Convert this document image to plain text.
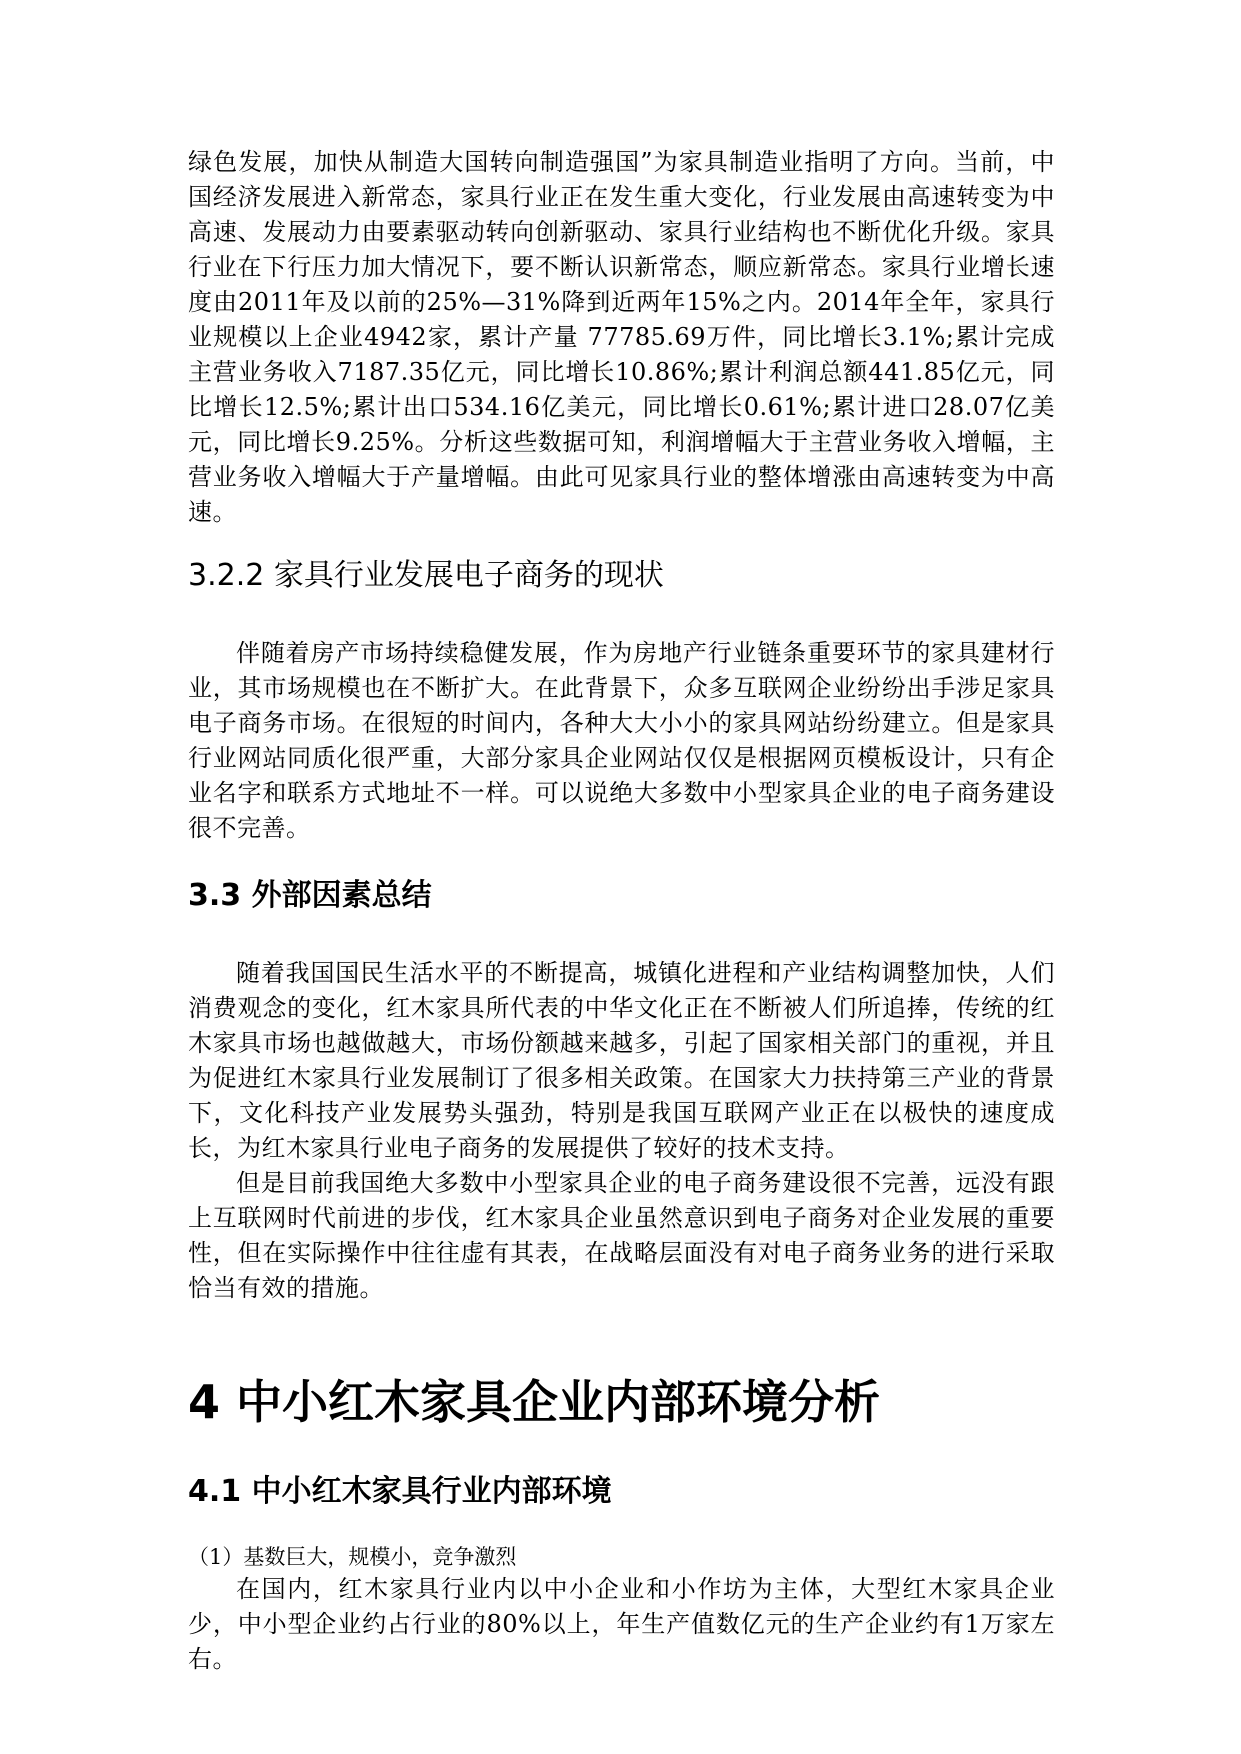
绿色发展，加快从制造大国转向制造强国”为家具制造业指明了方向。当前，中国经济发展进入新常态，家具行业正在发生重大变化，行业发展由高速转变为中高速、发展动力由要素驱动转向创新驱动、家具行业结构也不断优化升级。家具行业在下行压力加大情况下，要不断认识新常态，顺应新常态。家具行业增长速度由2011年及以前的25%—31%降到近两年15%之内。2014年全年，家具行业规模以上企业4942家，累计产量 77785.69万件，同比增长3.1%;累计完成主营业务收入7187.35亿元，同比增长10.86%;累计利润总额441.85亿元，同比增长12.5%;累计出口534.16亿美元，同比增长0.61%;累计进口28.07亿美元，同比增长9.25%。分析这些数据可知，利润增幅大于主营业务收入增幅，主营业务收入增幅大于产量增幅。由此可见家具行业的整体增涨由高速转变为中高速。

3.2.2 家具行业发展电子商务的现状

伴随着房产市场持续稳健发展，作为房地产行业链条重要环节的家具建材行业，其市场规模也在不断扩大。在此背景下，众多互联网企业纷纷出手涉足家具电子商务市场。在很短的时间内，各种大大小小的家具网站纷纷建立。但是家具行业网站同质化很严重，大部分家具企业网站仅仅是根据网页模板设计，只有企业名字和联系方式地址不一样。可以说绝大多数中小型家具企业的电子商务建设很不完善。

3.3 外部因素总结

随着我国国民生活水平的不断提高，城镇化进程和产业结构调整加快，人们消费观念的变化，红木家具所代表的中华文化正在不断被人们所追捧，传统的红木家具市场也越做越大，市场份额越来越多，引起了国家相关部门的重视，并且为促进红木家具行业发展制订了很多相关政策。在国家大力扶持第三产业的背景下，文化科技产业发展势头强劲，特别是我国互联网产业正在以极快的速度成长，为红木家具行业电子商务的发展提供了较好的技术支持。

但是目前我国绝大多数中小型家具企业的电子商务建设很不完善，远没有跟上互联网时代前进的步伐，红木家具企业虽然意识到电子商务对企业发展的重要性，但在实际操作中往往虚有其表，在战略层面没有对电子商务业务的进行采取恰当有效的措施。

4 中小红木家具企业内部环境分析
4.1 中小红木家具行业内部环境

（1）基数巨大，规模小，竞争激烈

在国内，红木家具行业内以中小企业和小作坊为主体，大型红木家具企业少，中小型企业约占行业的80%以上，年生产值数亿元的生产企业约有1万家左右。
